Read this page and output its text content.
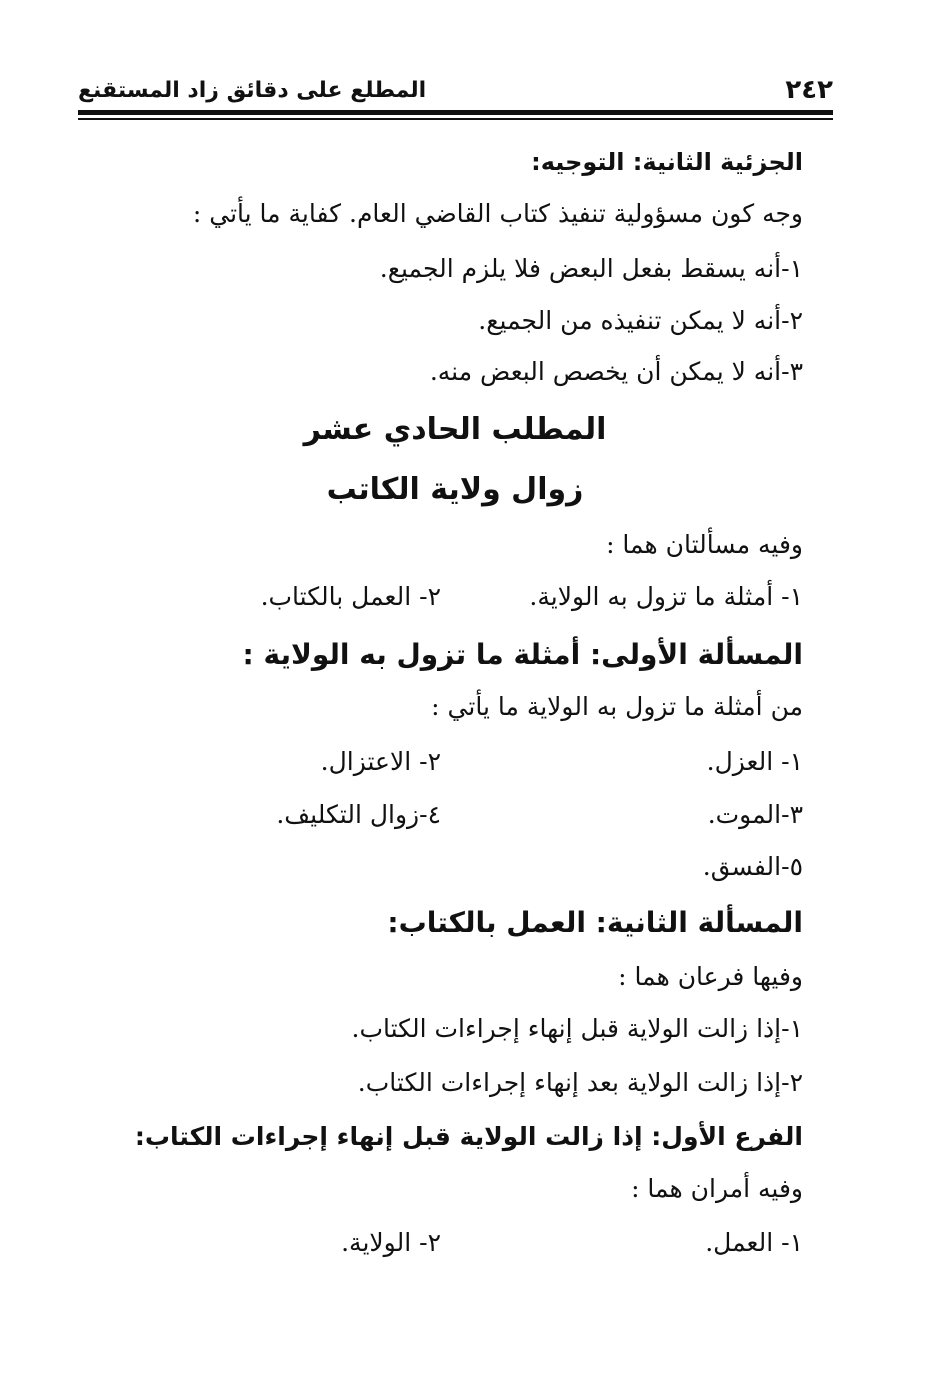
٢٤٢
المطلع على دقائق زاد المستقنع
الجزئية الثانية: التوجيه:
وجه كون مسؤولية تنفيذ كتاب القاضي العام. كفاية ما يأتي :
١-أنه يسقط بفعل البعض فلا يلزم الجميع.
٢-أنه لا يمكن تنفيذه من الجميع.
٣-أنه لا يمكن أن يخصص البعض منه.
المطلب الحادي عشر
زوال ولاية الكاتب
وفيه مسألتان هما :
١- أمثلة ما تزول به الولاية.
٢- العمل بالكتاب.
المسألة الأولى: أمثلة ما تزول به الولاية :
من أمثلة ما تزول به الولاية ما يأتي :
١- العزل.
٢- الاعتزال.
٣-الموت.
٤-زوال التكليف.
٥-الفسق.
المسألة الثانية: العمل بالكتاب:
وفيها فرعان هما :
١-إذا زالت الولاية قبل إنهاء إجراءات الكتاب.
٢-إذا زالت الولاية بعد إنهاء إجراءات الكتاب.
الفرع الأول: إذا زالت الولاية قبل إنهاء إجراءات الكتاب:
وفيه أمران هما :
١- العمل.
٢- الولاية.
